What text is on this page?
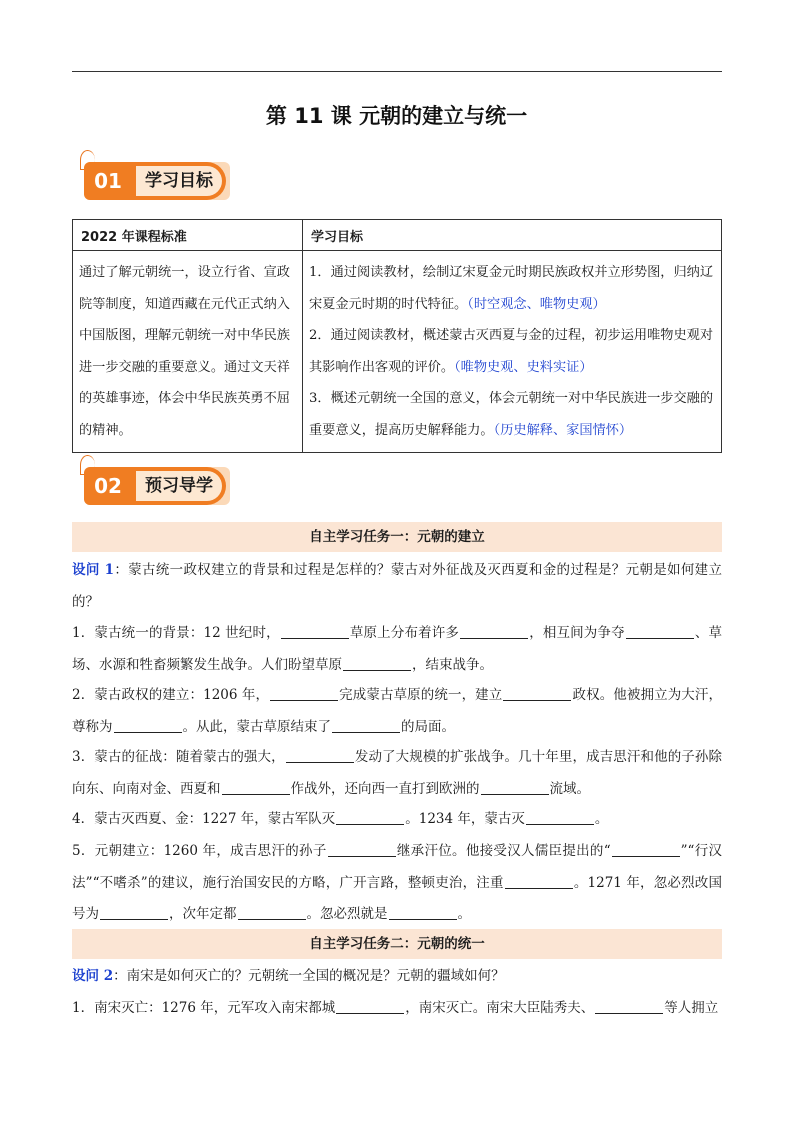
第 11 课 元朝的建立与统一
01	学习目标
2022 年课程标准	学习目标
通过了解元朝统一，设立行省、宣政院等制度，知道西藏在元代正式纳入中国版图，理解元朝统一对中华民族进一步交融的重要意义。通过文天祥的英雄事迹，体会中华民族英勇不屈的精神。	1．通过阅读教材，绘制辽宋夏金元时期民族政权并立形势图，归纳辽宋夏金元时期的时代特征。（时空观念、唯物史观）
2．通过阅读教材，概述蒙古灭西夏与金的过程，初步运用唯物史观对其影响作出客观的评价。（唯物史观、史料实证）
3．概述元朝统一全国的意义，体会元朝统一对中华民族进一步交融的重要意义，提高历史解释能力。（历史解释、家国情怀）
02	预习导学
自主学习任务一：元朝的建立
设问 1：蒙古统一政权建立的背景和过程是怎样的？蒙古对外征战及灭西夏和金的过程是？元朝是如何建立的？
1．蒙古统一的背景：12 世纪时，	草原上分布着许多	，相互间为争夺	、草场、水源和牲畜频繁发生战争。人们盼望草原	，结束战争。
2．蒙古政权的建立：1206 年，	完成蒙古草原的统一，建立	政权。他被拥立为大汗，尊称为	。从此，蒙古草原结束了	的局面。
3．蒙古的征战：随着蒙古的强大，	发动了大规模的扩张战争。几十年里，成吉思汗和他的子孙除向东、向南对金、西夏和	作战外，还向西一直打到欧洲的	流域。
4．蒙古灭西夏、金：1227 年，蒙古军队灭	。1234 年，蒙古灭	。
5．元朝建立：1260 年，成吉思汗的孙子	继承汗位。他接受汉人儒臣提出的“	”“行汉法”“不嗜杀”的建议，施行治国安民的方略，广开言路，整顿吏治，注重	。1271 年，忽必烈改国号为	，次年定都	。忽必烈就是	。
自主学习任务二：元朝的统一
设问 2：南宋是如何灭亡的？元朝统一全国的概况是？元朝的疆域如何？
1．南宋灭亡：1276 年，元军攻入南宋都城	，南宋灭亡。南宋大臣陆秀夫、	等人拥立
